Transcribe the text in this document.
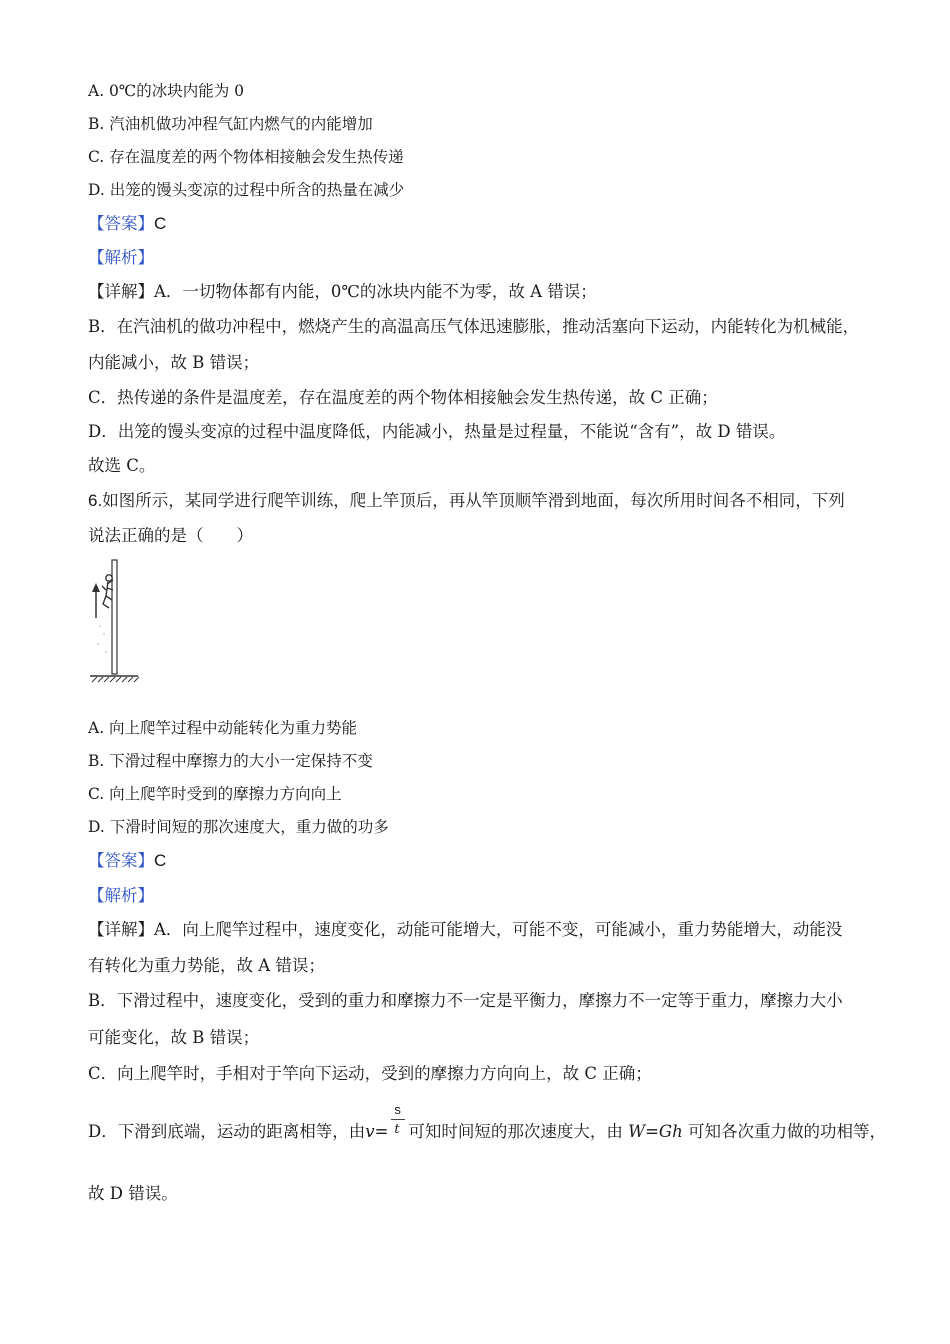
A. 0℃的冰块内能为 0
B. 汽油机做功冲程气缸内燃气的内能增加
C. 存在温度差的两个物体相接触会发生热传递
D. 出笼的馒头变凉的过程中所含的热量在减少
【答案】C
【解析】
【详解】A．一切物体都有内能，0℃的冰块内能不为零，故 A 错误；
B．在汽油机的做功冲程中，燃烧产生的高温高压气体迅速膨胀，推动活塞向下运动，内能转化为机械能，
内能减小，故 B 错误；
C．热传递的条件是温度差，存在温度差的两个物体相接触会发生热传递，故 C 正确；
D．出笼的馒头变凉的过程中温度降低，内能减小，热量是过程量，不能说“含有”，故 D 错误。
故选 C。
6.如图所示，某同学进行爬竿训练，爬上竿顶后，再从竿顶顺竿滑到地面，每次所用时间各不相同，下列
说法正确的是（　　）
A. 向上爬竿过程中动能转化为重力势能
B. 下滑过程中摩擦力的大小一定保持不变
C. 向上爬竿时受到的摩擦力方向向上
D. 下滑时间短的那次速度大，重力做的功多
【答案】C
【解析】
【详解】A．向上爬竿过程中，速度变化，动能可能增大，可能不变，可能减小，重力势能增大，动能没
有转化为重力势能，故 A 错误；
B．下滑过程中，速度变化，受到的重力和摩擦力不一定是平衡力，摩擦力不一定等于重力，摩擦力大小
可能变化，故 B 错误；
C．向上爬竿时，手相对于竿向下运动，受到的摩擦力方向向上，故 C 正确；
D．下滑到底端，运动的距离相等，由$v= \frac{s}{t}$ 可知时间短的那次速度大，由 W=Gh 可知各次重力做的功相等，
故 D 错误。
